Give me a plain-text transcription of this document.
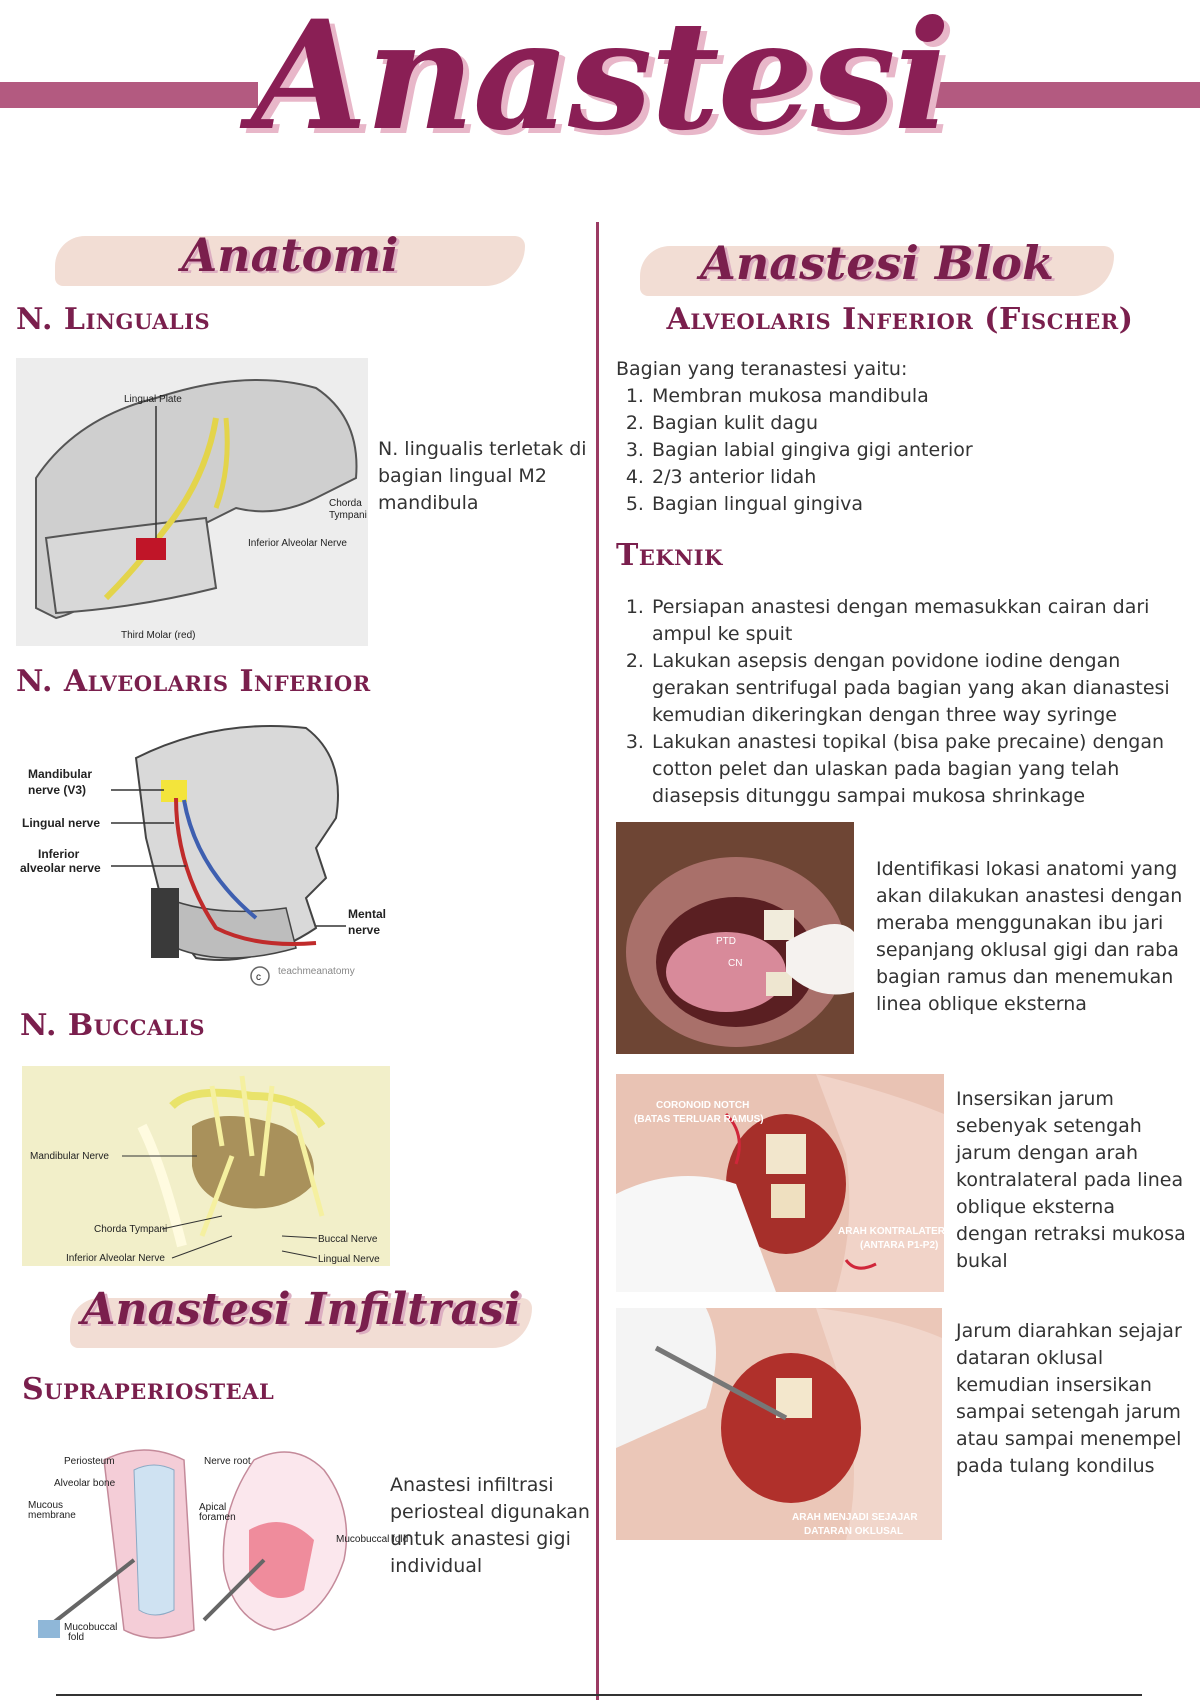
Anastesi
Anatomi
N. Lingualis
Lingual Plate
Chorda
Tympani
Inferior Alveolar Nerve
Third Molar (red)
N. lingualis terletak di bagian lingual M2 mandibula
N. Alveolaris Inferior
Mandibular
nerve (V3)
Lingual nerve
Inferior
alveolar nerve
Mental
nerve
c
teachmeanatomy
N. Buccalis
Mandibular Nerve
Chorda Tympani
Inferior Alveolar Nerve
Buccal Nerve
Lingual Nerve
Anastesi Infiltrasi
Supraperiosteal
Periosteum	Nerve root
Alveolar bone
Mucous
membrane
Apical
foramen
Mucobuccal
fold
Mucobuccal fold
Anastesi infiltrasi periosteal digunakan untuk anastesi gigi individual
Anastesi Blok
Alveolaris Inferior (Fischer)
Bagian yang teranastesi yaitu:
1. Membran mukosa mandibula
2. Bagian kulit dagu
3. Bagian labial gingiva gigi anterior
4. 2/3 anterior lidah
5. Bagian lingual gingiva
Teknik
1. Persiapan anastesi dengan memasukkan cairan dari ampul ke spuit
2. Lakukan asepsis dengan povidone iodine dengan gerakan sentrifugal pada bagian yang akan dianastesi kemudian dikeringkan dengan three way syringe
3. Lakukan anastesi topikal (bisa pake precaine) dengan cotton pelet dan ulaskan pada bagian yang telah diasepsis ditunggu sampai mukosa shrinkage
PTD
CN
Identifikasi lokasi anatomi yang akan dilakukan anastesi dengan meraba menggunakan ibu jari sepanjang oklusal gigi dan raba bagian ramus dan menemukan linea oblique eksterna
CORONOID NOTCH
(BATAS TERLUAR RAMUS)
ARAH KONTRALATERAL
(ANTARA P1-P2)
Insersikan jarum sebenyak setengah jarum dengan arah kontralateral pada linea oblique eksterna dengan retraksi mukosa bukal
ARAH MENJADI SEJAJAR
DATARAN OKLUSAL
Jarum diarahkan sejajar dataran oklusal kemudian insersikan sampai setengah jarum atau sampai menempel pada tulang kondilus
